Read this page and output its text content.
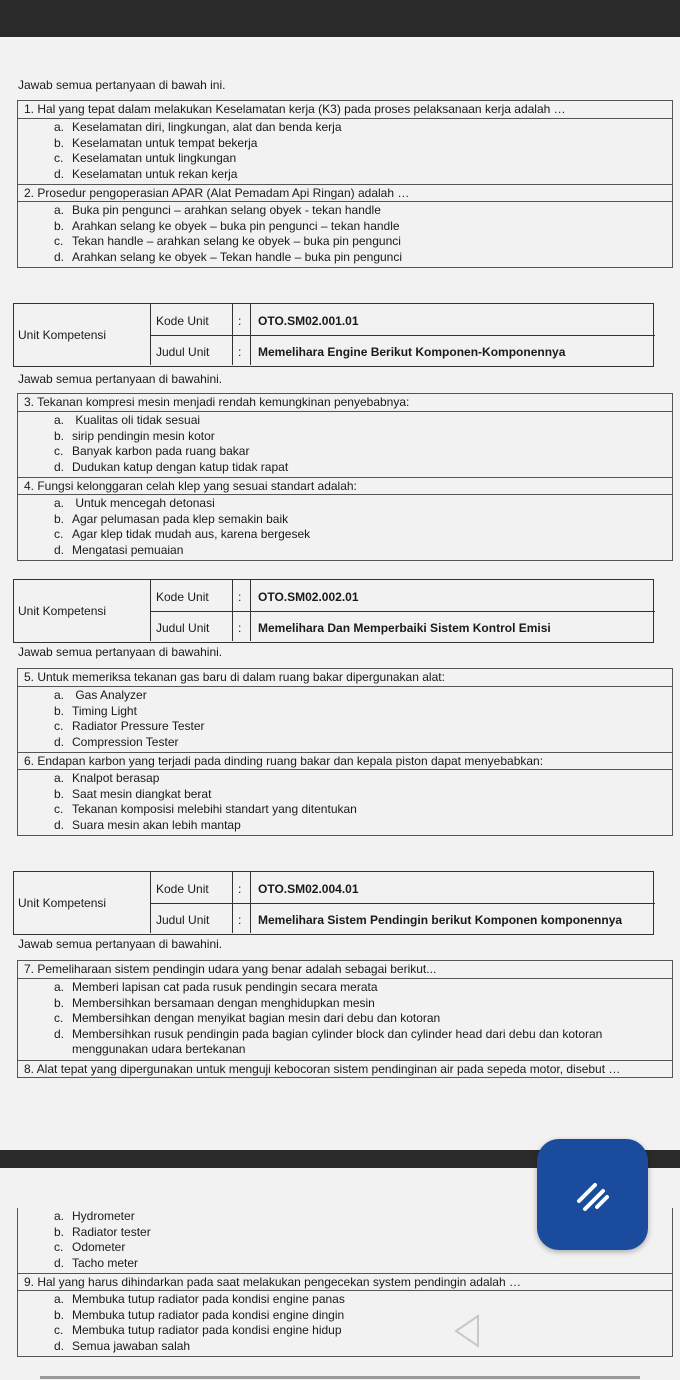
Jawab semua pertanyaan di bawah ini.
1. Hal yang tepat dalam melakukan Keselamatan kerja (K3) pada proses pelaksanaan kerja adalah …
a. Keselamatan diri, lingkungan, alat dan benda kerja
b. Keselamatan untuk tempat bekerja
c. Keselamatan untuk lingkungan
d. Keselamatan untuk rekan kerja
2. Prosedur pengoperasian APAR (Alat Pemadam Api Ringan) adalah …
a. Buka pin pengunci – arahkan selang obyek - tekan handle
b. Arahkan selang ke obyek – buka pin pengunci – tekan handle
c. Tekan handle – arahkan selang ke obyek – buka pin pengunci
d. Arahkan selang ke obyek – Tekan handle – buka pin pengunci
Unit Kompetensi
Kode Unit
Judul Unit
:
:
OTO.SM02.001.01
Memelihara Engine Berikut Komponen-Komponennya
Jawab semua pertanyaan di bawahini.
3. Tekanan kompresi mesin menjadi rendah kemungkinan penyebabnya:
a. Kualitas oli tidak sesuai
b. sirip pendingin mesin kotor
c. Banyak karbon pada ruang bakar
d. Dudukan katup dengan katup tidak rapat
4. Fungsi kelonggaran celah klep yang sesuai standart adalah:
a. Untuk mencegah detonasi
b. Agar pelumasan pada klep semakin baik
c. Agar klep tidak mudah aus, karena bergesek
d. Mengatasi pemuaian
Unit Kompetensi
Kode Unit
Judul Unit
:
:
OTO.SM02.002.01
Memelihara Dan Memperbaiki Sistem Kontrol Emisi
Jawab semua pertanyaan di bawahini.
5. Untuk memeriksa tekanan gas baru di dalam ruang bakar dipergunakan alat:
a. Gas Analyzer
b. Timing Light
c. Radiator Pressure Tester
d. Compression Tester
6. Endapan karbon yang terjadi pada dinding ruang bakar dan kepala piston dapat menyebabkan:
a. Knalpot berasap
b. Saat mesin diangkat berat
c. Tekanan komposisi melebihi standart yang ditentukan
d. Suara mesin akan lebih mantap
Unit Kompetensi
Kode Unit
Judul Unit
:
:
OTO.SM02.004.01
Memelihara Sistem Pendingin berikut Komponen komponennya
Jawab semua pertanyaan di bawahini.
7. Pemeliharaan sistem pendingin udara yang benar adalah sebagai berikut...
a. Memberi lapisan cat pada rusuk pendingin secara merata
b. Membersihkan bersamaan dengan menghidupkan mesin
c. Membersihkan dengan menyikat bagian mesin dari debu dan kotoran
d. Membersihkan rusuk pendingin pada bagian cylinder block dan cylinder head dari debu dan kotoran
menggunakan udara bertekanan
8. Alat tepat yang dipergunakan untuk menguji kebocoran sistem pendinginan air pada sepeda motor, disebut …
a. Hydrometer
b. Radiator tester
c. Odometer
d. Tacho meter
9. Hal yang harus dihindarkan pada saat melakukan pengecekan system pendingin adalah …
a. Membuka tutup radiator pada kondisi engine panas
b. Membuka tutup radiator pada kondisi engine dingin
c. Membuka tutup radiator pada kondisi engine hidup
d. Semua jawaban salah
